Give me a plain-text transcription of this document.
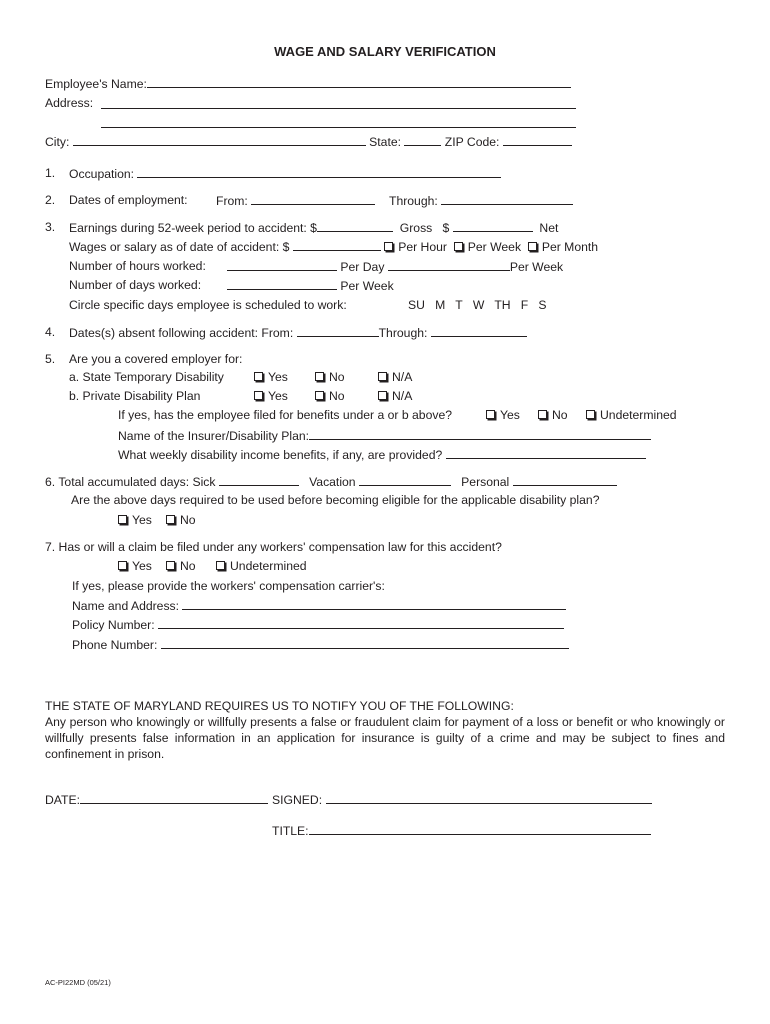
WAGE AND SALARY VERIFICATION
Employee's Name:
Address:
City:	State:	ZIP Code:
1. Occupation:
2. Dates of employment: From:	Through:
3. Earnings during 52-week period to accident: $	Gross $	Net
Wages or salary as of date of accident: $	Per Hour Per Week Per Month
Number of hours worked:	Per Day	Per Week
Number of days worked:	Per Week
Circle specific days employee is scheduled to work:	SU M T W TH F S
4. Dates(s) absent following accident: From:	Through:
5. Are you a covered employer for:
a. State Temporary Disability	Yes	No	N/A
b. Private Disability Plan	Yes	No	N/A
If yes, has the employee filed for benefits under a or b above?	Yes	No	Undetermined
Name of the Insurer/Disability Plan:
What weekly disability income benefits, if any, are provided?
6. Total accumulated days: Sick	Vacation	Personal
Are the above days required to be used before becoming eligible for the applicable disability plan?
Yes	No
7. Has or will a claim be filed under any workers' compensation law for this accident?
Yes	No	Undetermined
If yes, please provide the workers' compensation carrier's:
Name and Address:
Policy Number:
Phone Number:
THE STATE OF MARYLAND REQUIRES US TO NOTIFY YOU OF THE FOLLOWING:
Any person who knowingly or willfully presents a false or fraudulent claim for payment of a loss or benefit or who knowingly or willfully presents false information in an application for insurance is guilty of a crime and may be subject to fines and confinement in prison.
DATE:	SIGNED:
TITLE:
AC-PI22MD (05/21)
